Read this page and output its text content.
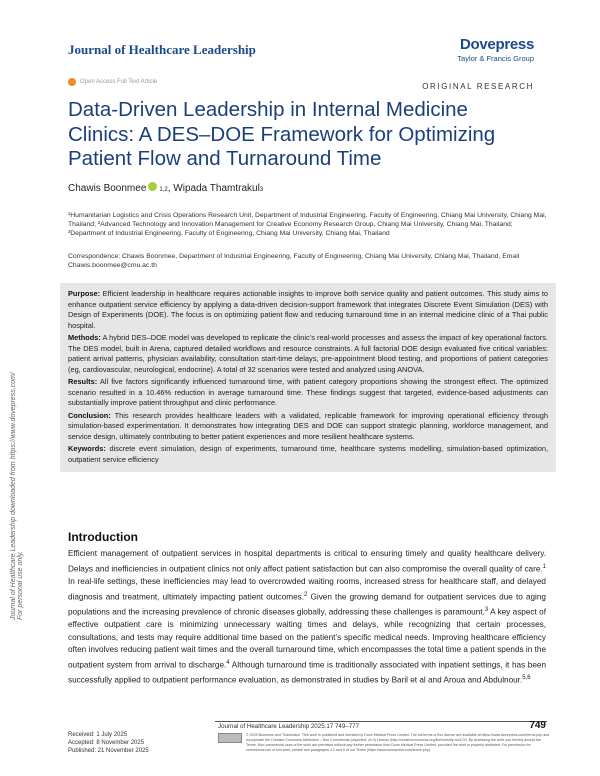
Journal of Healthcare Leadership downloaded from https://www.dovepress.com/ For personal use only.
Journal of Healthcare Leadership	Dovepress
Taylor & Francis Group
Open Access Full Text Article	ORIGINAL RESEARCH
Data-Driven Leadership in Internal Medicine Clinics: A DES–DOE Framework for Optimizing Patient Flow and Turnaround Time
Chawis Boonmee $_{1,2}$ , Wipada Thamtrakul 3
¹Humanitarian Logistics and Crisis Operations Research Unit, Department of Industrial Engineering, Faculty of Engineering, Chiang Mai University, Chiang Mai, Thailand; ²Advanced Technology and Innovation Management for Creative Economy Research Group, Chiang Mai University, Chiang Mai, Thailand; ³Department of Industrial Engineering, Faculty of Engineering, Chiang Mai University, Chiang Mai, Thailand
Correspondence: Chawis Boonmee, Department of Industrial Engineering, Faculty of Engineering, Chiang Mai University, Chiang Mai, Thailand, Email Chawis.boonmee@cmu.ac.th

Purpose: Efficient leadership in healthcare requires actionable insights to improve both service quality and patient outcomes. This study aims to enhance outpatient service efficiency by applying a data-driven decision-support framework that integrates Discrete Event Simulation (DES) with Design of Experiments (DOE). The focus is on optimizing patient flow and reducing turnaround time in an internal medicine clinic of a Thai public hospital.

Methods: A hybrid DES–DOE model was developed to replicate the clinic’s real-world processes and assess the impact of key operational factors. The DES model, built in Arena, captured detailed workflows and resource constraints. A full factorial DOE design evaluated five critical variables: patient arrival patterns, physician availability, consultation start-time delays, pre-appointment blood testing, and proportions of patient categories (eg, cardiovascular, neurological, endocrine). A total of 32 scenarios were tested and analyzed using ANOVA.

Results: All five factors significantly influenced turnaround time, with patient category proportions showing the strongest effect. The optimized scenario resulted in a 10.46% reduction in average turnaround time. These findings suggest that targeted, evidence-based adjustments can substantially improve patient throughput and clinic performance.

Conclusion: This research provides healthcare leaders with a validated, replicable framework for improving operational efficiency through simulation-based experimentation. It demonstrates how integrating DES and DOE can support strategic planning, workforce management, and service design, ultimately contributing to better patient experiences and more resilient healthcare systems.

Keywords: discrete event simulation, design of experiments, turnaround time, healthcare systems modelling, simulation-based optimization, outpatient service efficiency

Introduction
Efficient management of outpatient services in hospital departments is critical to ensuring timely and quality healthcare delivery. Delays and inefficiencies in outpatient clinics not only affect patient satisfaction but can also compromise the overall quality of care.$^1$ In real-life settings, these inefficiencies may lead to overcrowded waiting rooms, increased stress for healthcare staff, and delayed diagnosis and treatment, ultimately impacting patient outcomes.$^2$ Given the growing demand for outpatient services due to aging populations and the increasing prevalence of chronic diseases globally, addressing these challenges is paramount.$^3$ A key aspect of effective outpatient care is minimizing unnecessary waiting times and delays, while recognizing that certain processes, consultations, and tests may require additional time based on the patient’s specific medical needs. Improving healthcare efficiency often involves reducing patient wait times and the overall turnaround time, which encompasses the total time a patient spends in the outpatient system from arrival to discharge.$^4$ Although turnaround time is traditionally associated with inpatient settings, it has been successfully applied to outpatient performance evaluation, as demonstrated in studies by Baril et al and Aroua and Abdulnour.$^{5,6}$
Received: 1 July 2025
Accepted: 8 November 2025
Published: 21 November 2025
Journal of Healthcare Leadership 2025:17 749–777	749
© 2025 Boonmee and Thamtrakul. This work is published and licensed by Dove Medical Press Limited. The full terms of this license are available at https://www.dovepress.com/terms.php and incorporate the Creative Commons Attribution – Non Commercial (unported, v4.0) License (http://creativecommons.org/licenses/by-nc/4.0/). By accessing the work you hereby accept the Terms. Non-commercial uses of the work are permitted without any further permission from Dove Medical Press Limited, provided the work is properly attributed. For permission for commercial use of this work, please see paragraphs 4.2 and 5 of our Terms (https://www.dovepress.com/terms.php).
